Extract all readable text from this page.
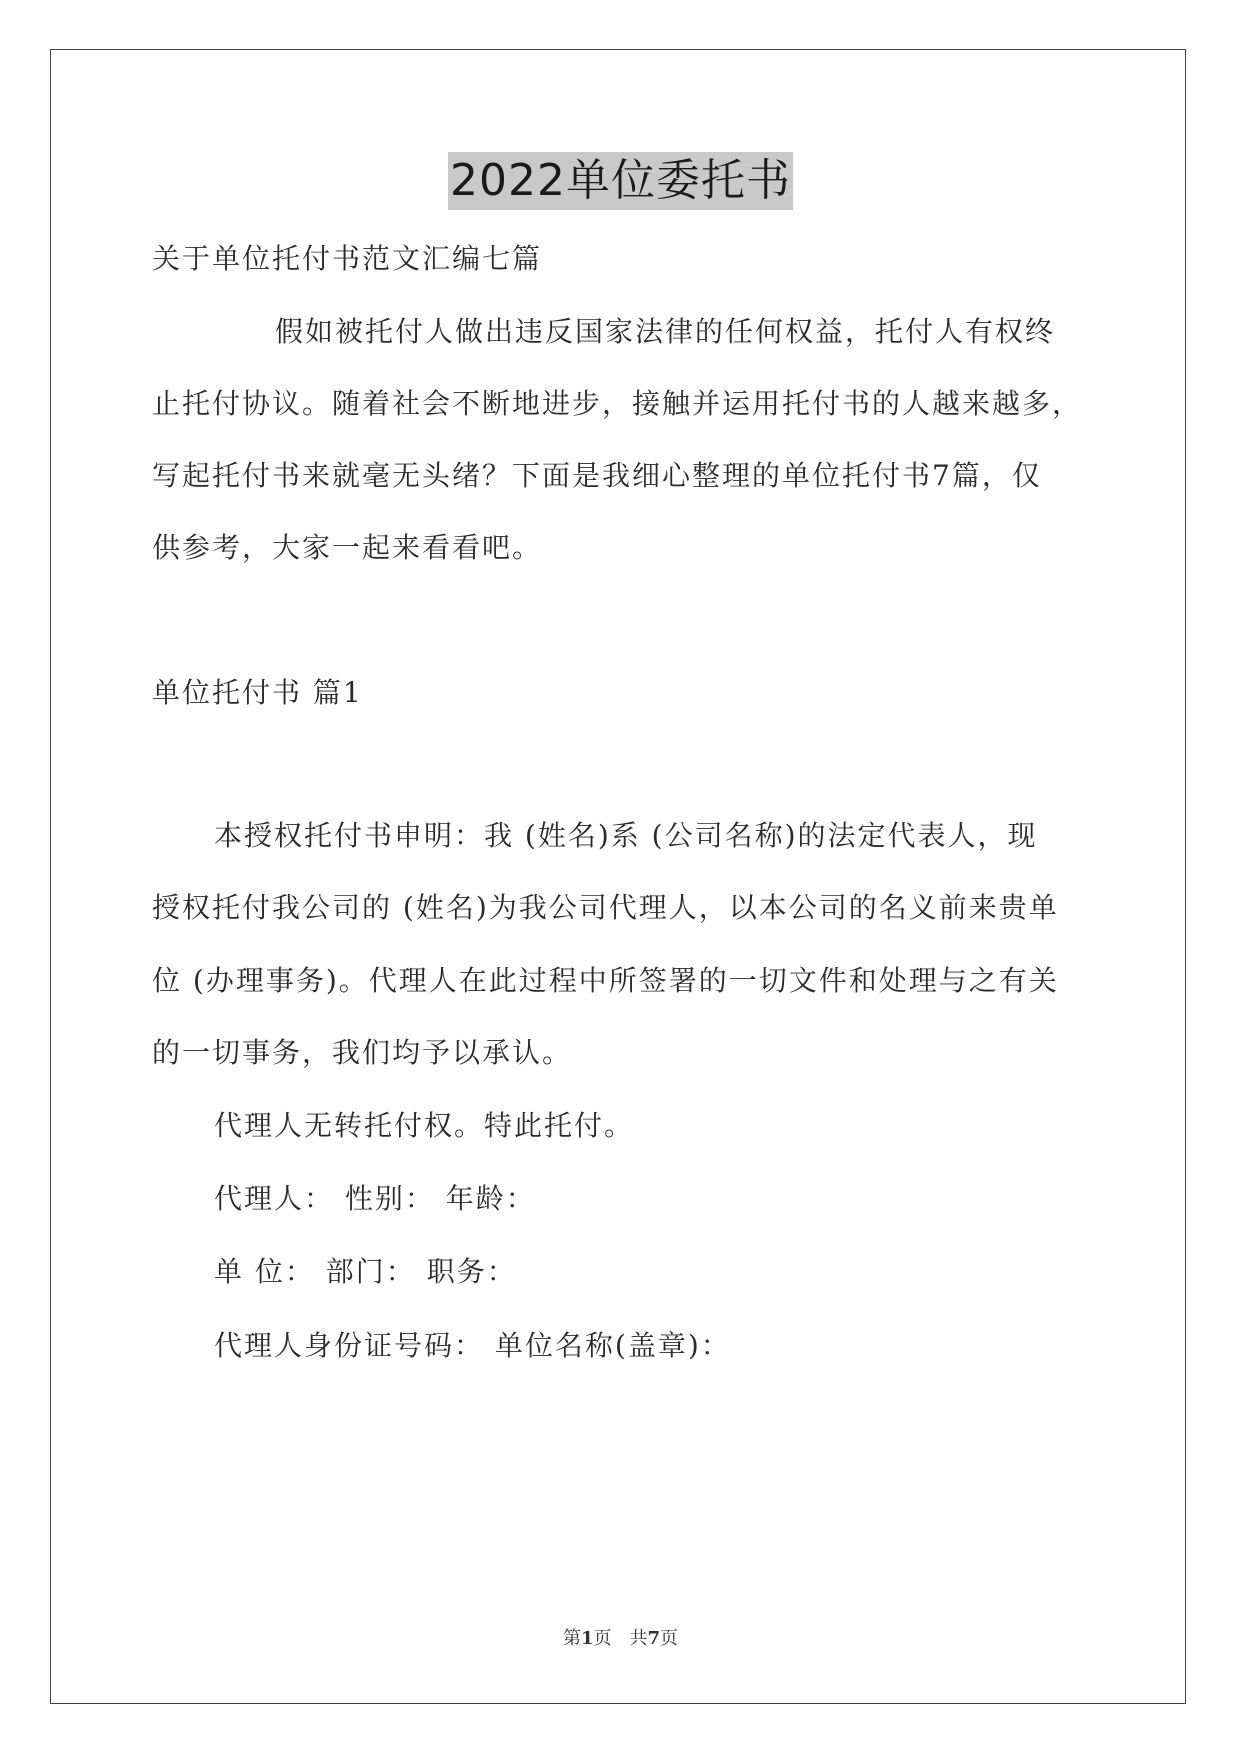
2022单位委托书
关于单位托付书范文汇编七篇
假如被托付人做出违反国家法律的任何权益，托付人有权终
止托付协议。随着社会不断地进步，接触并运用托付书的人越来越多，
写起托付书来就毫无头绪？下面是我细心整理的单位托付书7篇，仅
供参考，大家一起来看看吧。
单位托付书 篇1
本授权托付书申明：我 (姓名)系 (公司名称)的法定代表人，现
授权托付我公司的 (姓名)为我公司代理人，以本公司的名义前来贵单
位 (办理事务)。代理人在此过程中所签署的一切文件和处理与之有关
的一切事务，我们均予以承认。
代理人无转托付权。特此托付。
代理人： 性别： 年龄：
单 位： 部门： 职务：
代理人身份证号码： 单位名称(盖章)：
第1页 共7页
